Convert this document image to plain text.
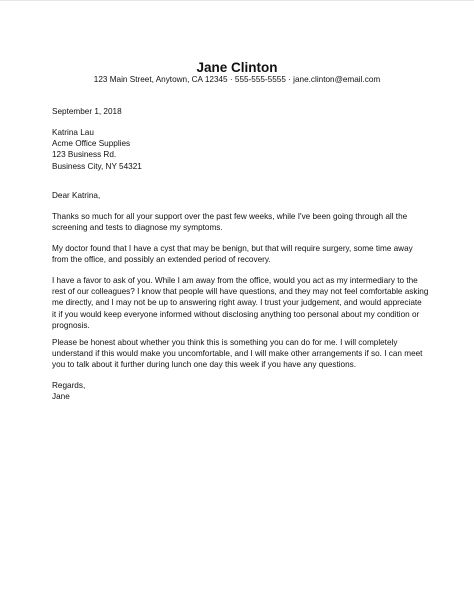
Jane Clinton
123 Main Street, Anytown, CA 12345 · 555-555-5555 · jane.clinton@email.com
September 1, 2018
Katrina Lau
Acme Office Supplies
123 Business Rd.
Business City, NY 54321
Dear Katrina,
Thanks so much for all your support over the past few weeks, while I've been going through all the
screening and tests to diagnose my symptoms.
My doctor found that I have a cyst that may be benign, but that will require surgery, some time away
from the office, and possibly an extended period of recovery.
I have a favor to ask of you. While I am away from the office, would you act as my intermediary to the
rest of our colleagues? I know that people will have questions, and they may not feel comfortable asking
me directly, and I may not be up to answering right away. I trust your judgement, and would appreciate
it if you would keep everyone informed without disclosing anything too personal about my condition or
prognosis.
Please be honest about whether you think this is something you can do for me. I will completely
understand if this would make you uncomfortable, and I will make other arrangements if so. I can meet
you to talk about it further during lunch one day this week if you have any questions.
Regards,
Jane
